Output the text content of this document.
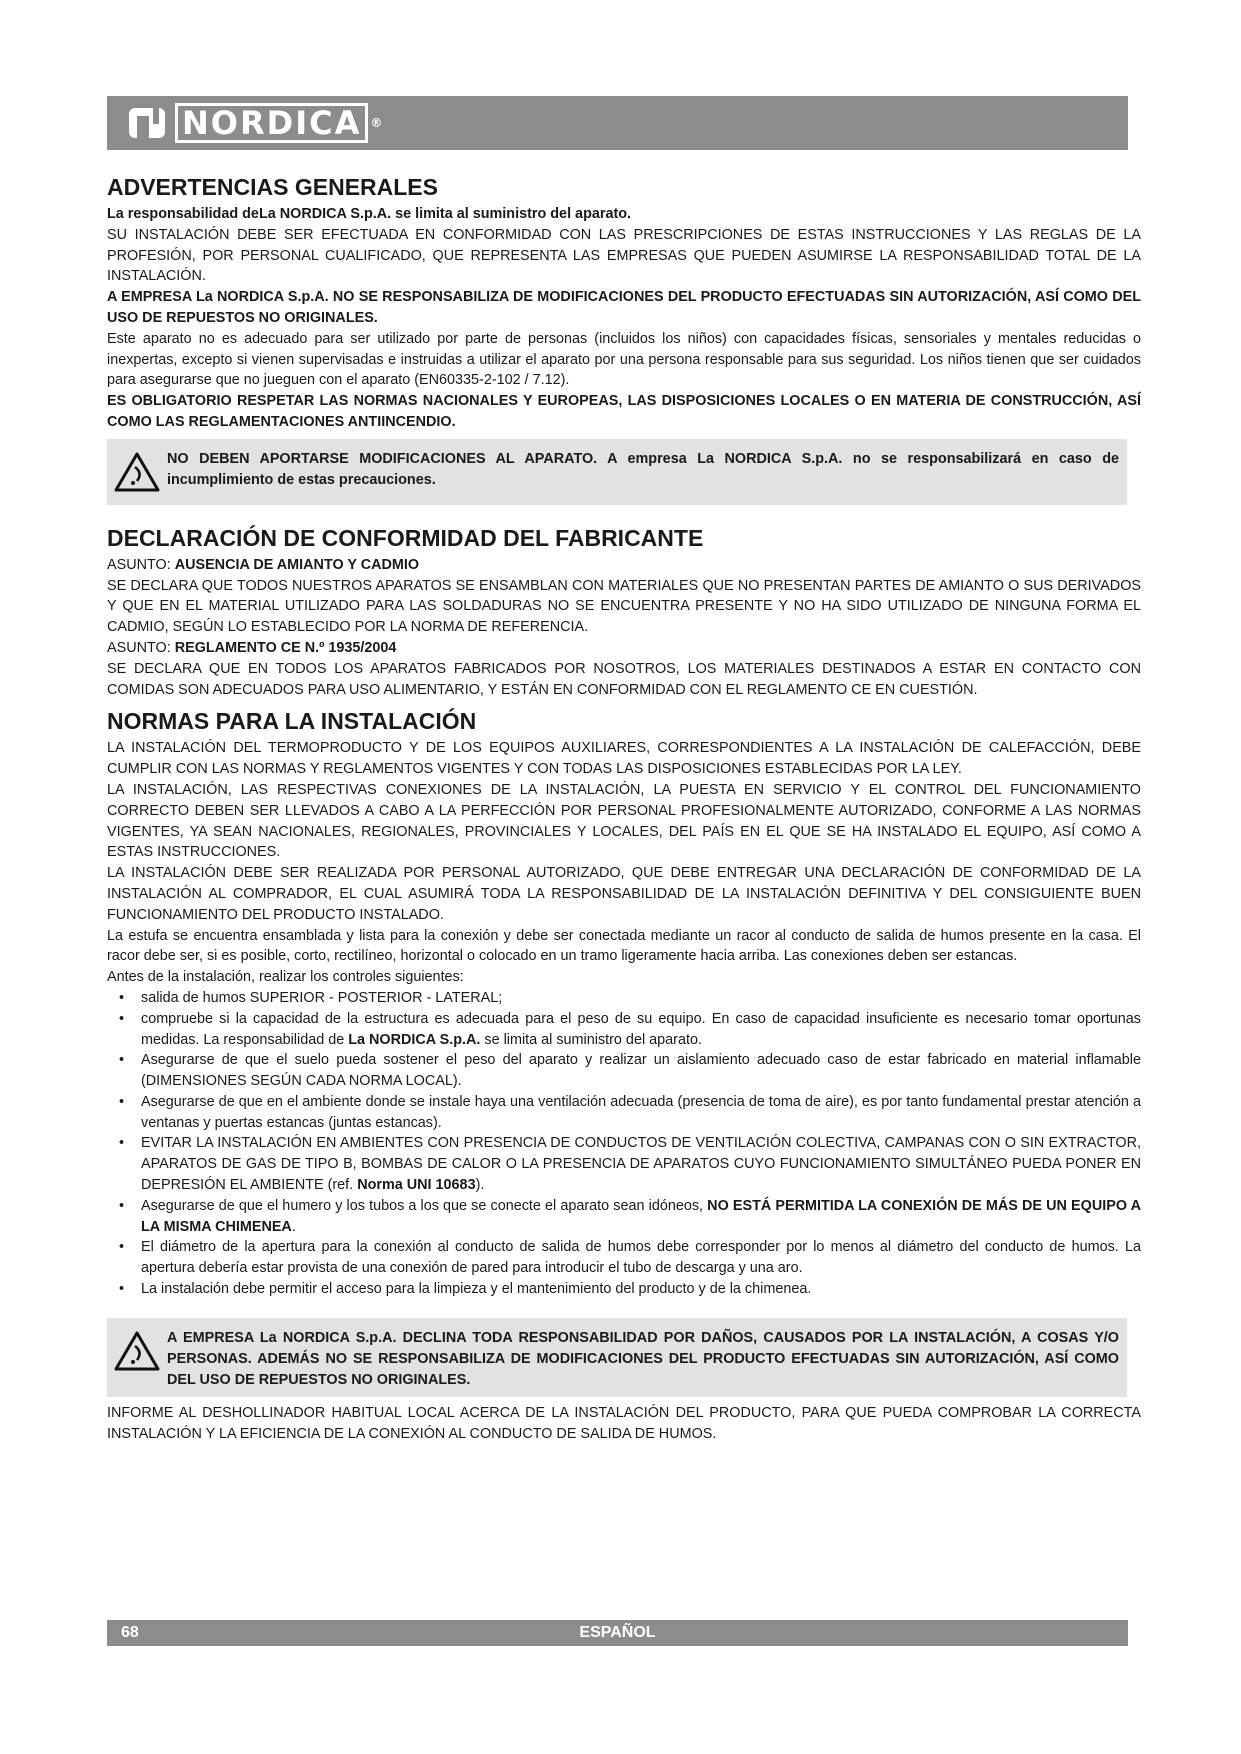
NORDICA ®
ADVERTENCIAS GENERALES

La responsabilidad deLa NORDICA S.p.A. se limita al suministro del aparato.

SU INSTALACIÓN DEBE SER EFECTUADA EN CONFORMIDAD CON LAS PRESCRIPCIONES DE ESTAS INSTRUCCIONES Y LAS REGLAS DE LA PROFESIÓN, POR PERSONAL CUALIFICADO, QUE REPRESENTA LAS EMPRESAS QUE PUEDEN ASUMIRSE LA RESPONSABILIDAD TOTAL DE LA INSTALACIÓN.

A EMPRESA La NORDICA S.p.A. NO SE RESPONSABILIZA DE MODIFICACIONES DEL PRODUCTO EFECTUADAS SIN AUTORIZACIÓN, ASÍ COMO DEL USO DE REPUESTOS NO ORIGINALES.

Este aparato no es adecuado para ser utilizado por parte de personas (incluidos los niños) con capacidades físicas, sensoriales y mentales reducidas o inexpertas, excepto si vienen supervisadas e instruidas a utilizar el aparato por una persona responsable para sus seguridad. Los niños tienen que ser cuidados para asegurarse que no jueguen con el aparato (EN60335-2-102 / 7.12).

ES OBLIGATORIO RESPETAR LAS NORMAS NACIONALES Y EUROPEAS, LAS DISPOSICIONES LOCALES O EN MATERIA DE CONSTRUCCIÓN, ASÍ COMO LAS REGLAMENTACIONES ANTIINCENDIO.

NO DEBEN APORTARSE MODIFICACIONES AL APARATO. A empresa La NORDICA S.p.A. no se responsabilizará en caso de incumplimiento de estas precauciones.
DECLARACIÓN DE CONFORMIDAD DEL FABRICANTE

ASUNTO: AUSENCIA DE AMIANTO Y CADMIO

SE DECLARA QUE TODOS NUESTROS APARATOS SE ENSAMBLAN CON MATERIALES QUE NO PRESENTAN PARTES DE AMIANTO O SUS DERIVADOS Y QUE EN EL MATERIAL UTILIZADO PARA LAS SOLDADURAS NO SE ENCUENTRA PRESENTE Y NO HA SIDO UTILIZADO DE NINGUNA FORMA EL CADMIO, SEGÚN LO ESTABLECIDO POR LA NORMA DE REFERENCIA.

ASUNTO: REGLAMENTO CE N.º 1935/2004

SE DECLARA QUE EN TODOS LOS APARATOS FABRICADOS POR NOSOTROS, LOS MATERIALES DESTINADOS A ESTAR EN CONTACTO CON COMIDAS SON ADECUADOS PARA USO ALIMENTARIO, Y ESTÁN EN CONFORMIDAD CON EL REGLAMENTO CE EN CUESTIÓN.

NORMAS PARA LA INSTALACIÓN

LA INSTALACIÓN DEL TERMOPRODUCTO Y DE LOS EQUIPOS AUXILIARES, CORRESPONDIENTES A LA INSTALACIÓN DE CALEFACCIÓN, DEBE CUMPLIR CON LAS NORMAS Y REGLAMENTOS VIGENTES Y CON TODAS LAS DISPOSICIONES ESTABLECIDAS POR LA LEY.

LA INSTALACIÓN, LAS RESPECTIVAS CONEXIONES DE LA INSTALACIÓN, LA PUESTA EN SERVICIO Y EL CONTROL DEL FUNCIONAMIENTO CORRECTO DEBEN SER LLEVADOS A CABO A LA PERFECCIÓN POR PERSONAL PROFESIONALMENTE AUTORIZADO, CONFORME A LAS NORMAS VIGENTES, YA SEAN NACIONALES, REGIONALES, PROVINCIALES Y LOCALES, DEL PAÍS EN EL QUE SE HA INSTALADO EL EQUIPO, ASÍ COMO A ESTAS INSTRUCCIONES.

LA INSTALACIÓN DEBE SER REALIZADA POR PERSONAL AUTORIZADO, QUE DEBE ENTREGAR UNA DECLARACIÓN DE CONFORMIDAD DE LA INSTALACIÓN AL COMPRADOR, EL CUAL ASUMIRÁ TODA LA RESPONSABILIDAD DE LA INSTALACIÓN DEFINITIVA Y DEL CONSIGUIENTE BUEN FUNCIONAMIENTO DEL PRODUCTO INSTALADO.

La estufa se encuentra ensamblada y lista para la conexión y debe ser conectada mediante un racor al conducto de salida de humos presente en la casa. El racor debe ser, si es posible, corto, rectilíneo, horizontal o colocado en un tramo ligeramente hacia arriba. Las conexiones deben ser estancas.

Antes de la instalación, realizar los controles siguientes:

• salida de humos SUPERIOR - POSTERIOR - LATERAL;
• compruebe si la capacidad de la estructura es adecuada para el peso de su equipo. En caso de capacidad insuficiente es necesario tomar oportunas medidas. La responsabilidad de La NORDICA S.p.A. se limita al suministro del aparato.
• Asegurarse de que el suelo pueda sostener el peso del aparato y realizar un aislamiento adecuado caso de estar fabricado en material inflamable (DIMENSIONES SEGÚN CADA NORMA LOCAL).
• Asegurarse de que en el ambiente donde se instale haya una ventilación adecuada (presencia de toma de aire), es por tanto fundamental prestar atención a ventanas y puertas estancas (juntas estancas).
• EVITAR LA INSTALACIÓN EN AMBIENTES CON PRESENCIA DE CONDUCTOS DE VENTILACIÓN COLECTIVA, CAMPANAS CON O SIN EXTRACTOR, APARATOS DE GAS DE TIPO B, BOMBAS DE CALOR O LA PRESENCIA DE APARATOS CUYO FUNCIONAMIENTO SIMULTÁNEO PUEDA PONER EN DEPRESIÓN EL AMBIENTE (ref. Norma UNI 10683).
• Asegurarse de que el humero y los tubos a los que se conecte el aparato sean idóneos, NO ESTÁ PERMITIDA LA CONEXIÓN DE MÁS DE UN EQUIPO A LA MISMA CHIMENEA.
• El diámetro de la apertura para la conexión al conducto de salida de humos debe corresponder por lo menos al diámetro del conducto de humos. La apertura debería estar provista de una conexión de pared para introducir el tubo de descarga y una aro.
• La instalación debe permitir el acceso para la limpieza y el mantenimiento del producto y de la chimenea.
A EMPRESA La NORDICA S.p.A. DECLINA TODA RESPONSABILIDAD POR DAÑOS, CAUSADOS POR LA INSTALACIÓN, A COSAS Y/O PERSONAS. ADEMÁS NO SE RESPONSABILIZA DE MODIFICACIONES DEL PRODUCTO EFECTUADAS SIN AUTORIZACIÓN, ASÍ COMO DEL USO DE REPUESTOS NO ORIGINALES.

INFORME AL DESHOLLINADOR HABITUAL LOCAL ACERCA DE LA INSTALACIÓN DEL PRODUCTO, PARA QUE PUEDA COMPROBAR LA CORRECTA INSTALACIÓN Y LA EFICIENCIA DE LA CONEXIÓN AL CONDUCTO DE SALIDA DE HUMOS.

ESPAÑOL
68
